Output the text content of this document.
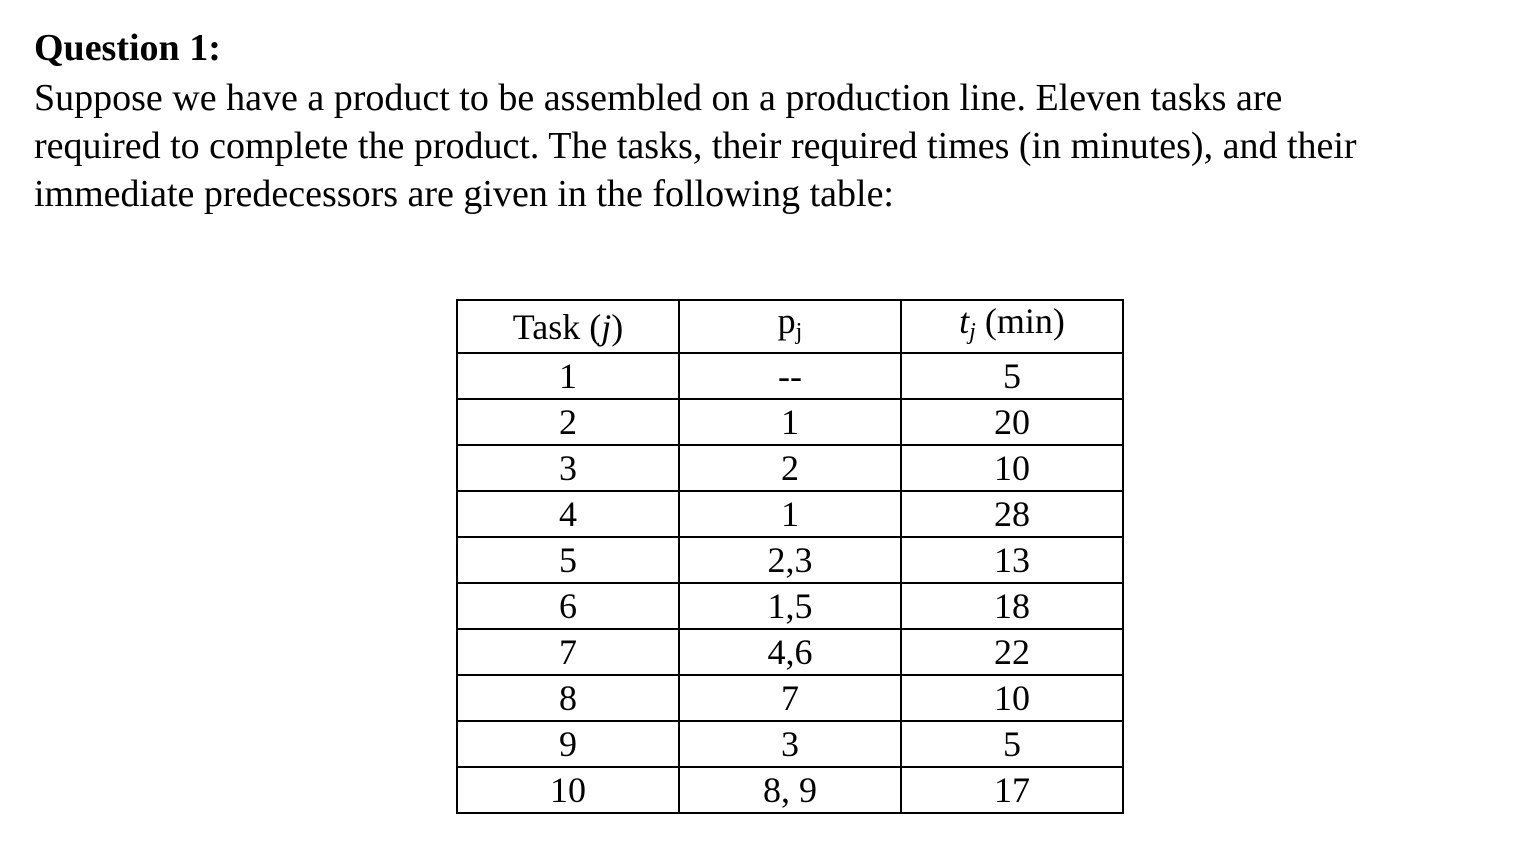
Question 1:

Suppose we have a product to be assembled on a production line. Eleven tasks are
required to complete the product. The tasks, their required times (in minutes), and their
immediate predecessors are given in the following table:

Task (j)	$p_j$	$t_j$ (min)
1	--	5
2	1	20
3	2	10
4	1	28
5	2,3	13
6	1,5	18
7	4,6	22
8	7	10
9	3	5
10	8, 9	17
